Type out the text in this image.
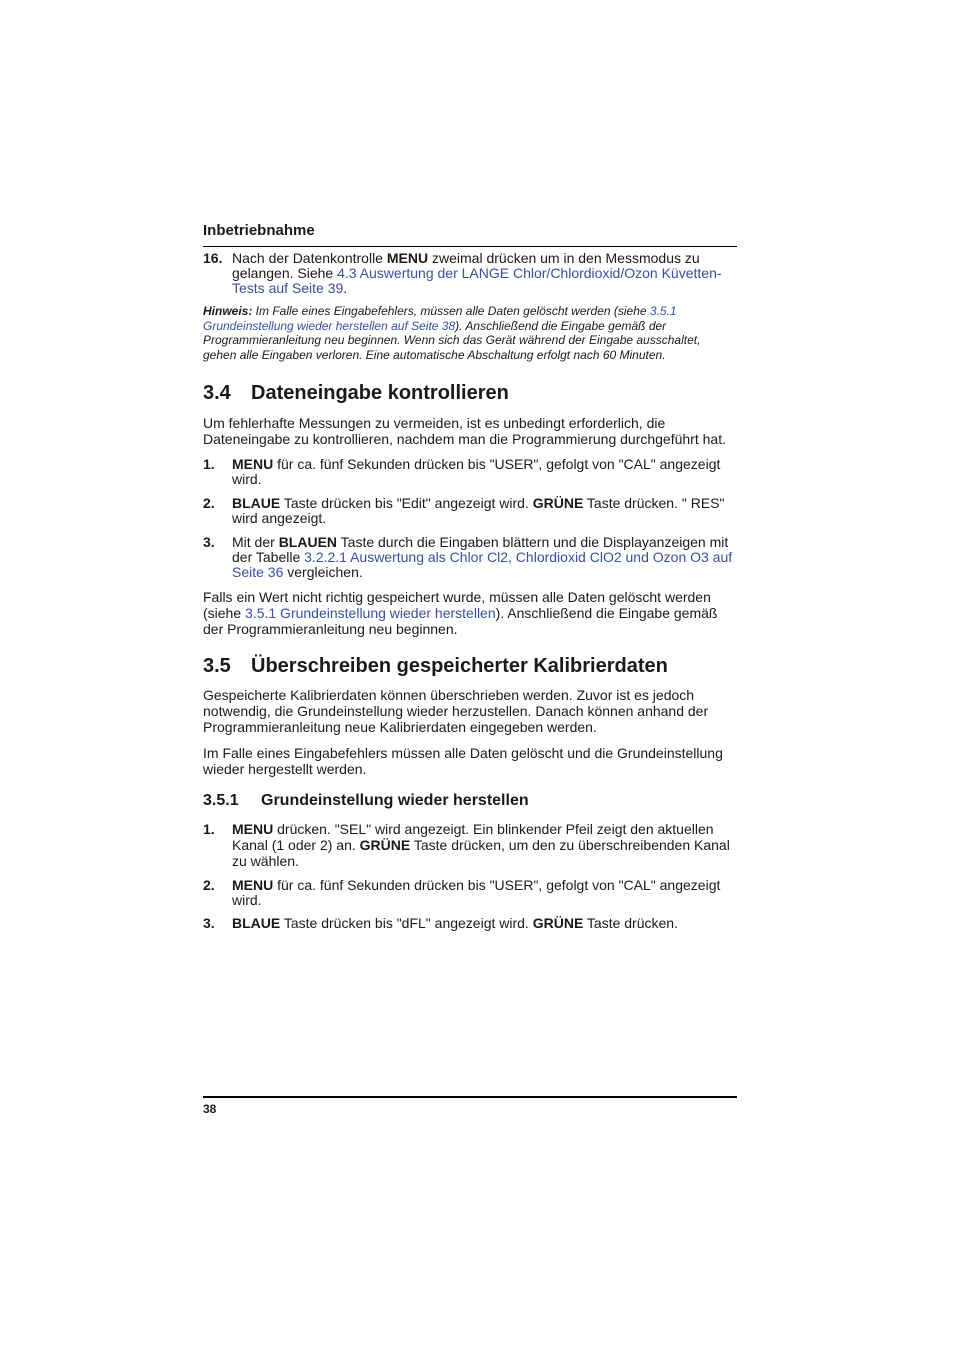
Inbetriebnahme
16. Nach der Datenkontrolle MENU zweimal drücken um in den Messmodus zu gelangen. Siehe 4.3 Auswertung der LANGE Chlor/Chlordioxid/Ozon Küvetten-Tests auf Seite 39.

Hinweis: Im Falle eines Eingabefehlers, müssen alle Daten gelöscht werden (siehe 3.5.1 Grundeinstellung wieder herstellen auf Seite 38). Anschließend die Eingabe gemäß der Programmieranleitung neu beginnen. Wenn sich das Gerät während der Eingabe ausschaltet, gehen alle Eingaben verloren. Eine automatische Abschaltung erfolgt nach 60 Minuten.

3.4 Dateneingabe kontrollieren

Um fehlerhafte Messungen zu vermeiden, ist es unbedingt erforderlich, die Dateneingabe zu kontrollieren, nachdem man die Programmierung durchgeführt hat.

1.	MENU für ca. fünf Sekunden drücken bis "USER", gefolgt von "CAL" angezeigt wird.
2.	BLAUE Taste drücken bis "Edit" angezeigt wird. GRÜNE Taste drücken. " RES" wird angezeigt.
3.	Mit der BLAUEN Taste durch die Eingaben blättern und die Displayanzeigen mit der Tabelle 3.2.2.1 Auswertung als Chlor Cl2, Chlordioxid ClO2 und Ozon O3 auf Seite 36 vergleichen.

Falls ein Wert nicht richtig gespeichert wurde, müssen alle Daten gelöscht werden (siehe 3.5.1 Grundeinstellung wieder herstellen). Anschließend die Eingabe gemäß der Programmieranleitung neu beginnen.

3.5 Überschreiben gespeicherter Kalibrierdaten

Gespeicherte Kalibrierdaten können überschrieben werden. Zuvor ist es jedoch notwendig, die Grundeinstellung wieder herzustellen. Danach können anhand der Programmieranleitung neue Kalibrierdaten eingegeben werden.

Im Falle eines Eingabefehlers müssen alle Daten gelöscht und die Grundeinstellung wieder hergestellt werden.

3.5.1 Grundeinstellung wieder herstellen
1.	MENU drücken. "SEL" wird angezeigt. Ein blinkender Pfeil zeigt den aktuellen Kanal (1 oder 2) an. GRÜNE Taste drücken, um den zu überschreibenden Kanal zu wählen.
2.	MENU für ca. fünf Sekunden drücken bis "USER", gefolgt von "CAL" angezeigt wird.
3.	BLAUE Taste drücken bis "dFL" angezeigt wird. GRÜNE Taste drücken.
38
